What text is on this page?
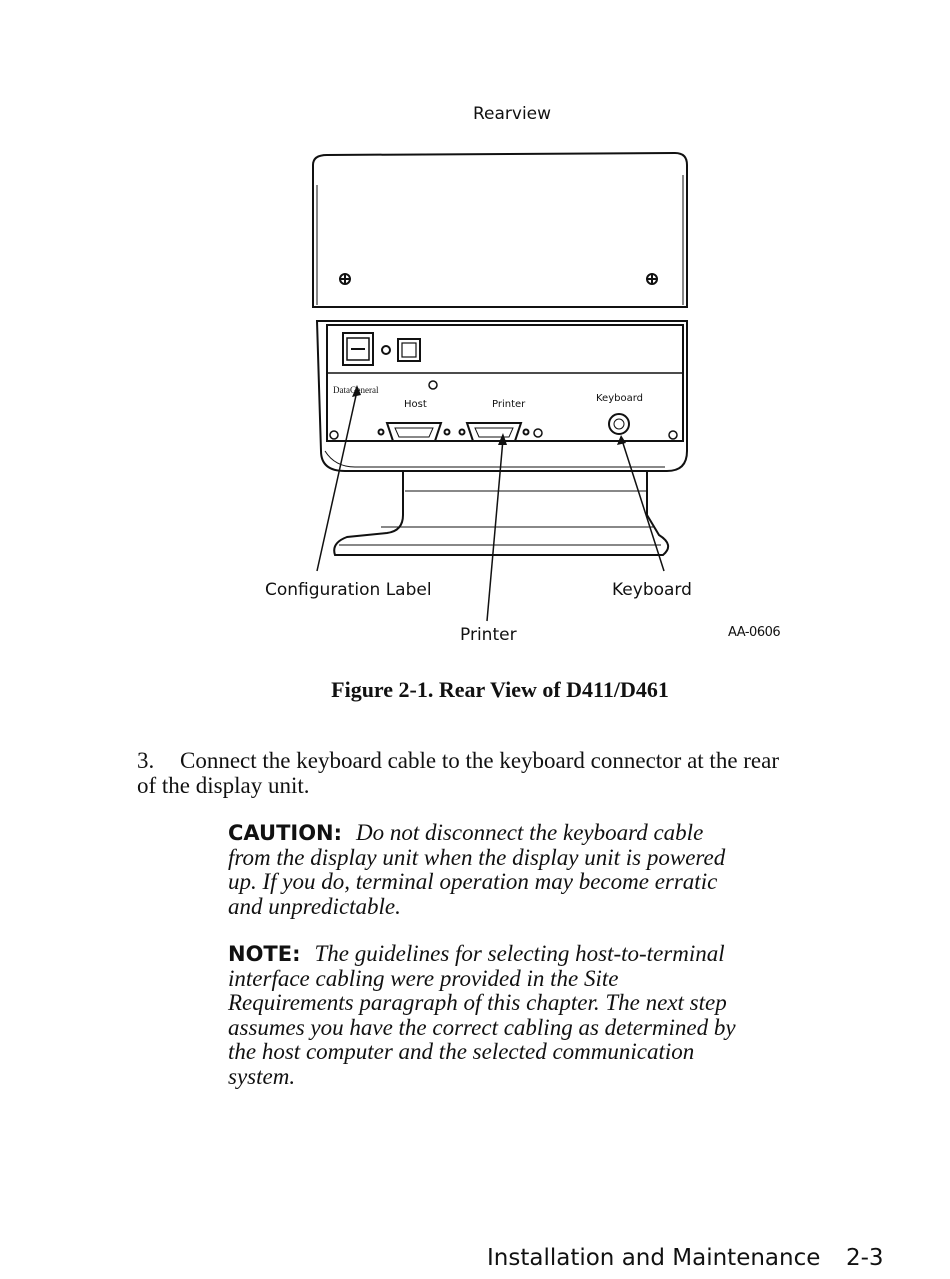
Rearview
DataGeneral
Host	Printer
Keyboard
Configuration Label	Keyboard
Printer	AA-0606
Figure 2-1. Rear View of D411/D461
3. Connect the keyboard cable to the keyboard connector at the rear
of the display unit.
CAUTION: Do not disconnect the keyboard cable
from the display unit when the display unit is powered
up. If you do, terminal operation may become erratic
and unpredictable.
NOTE: The guidelines for selecting host-to-terminal
interface cabling were provided in the Site
Requirements paragraph of this chapter. The next step
assumes you have the correct cabling as determined by
the host computer and the selected communication
system.
Installation and Maintenance 2-3
